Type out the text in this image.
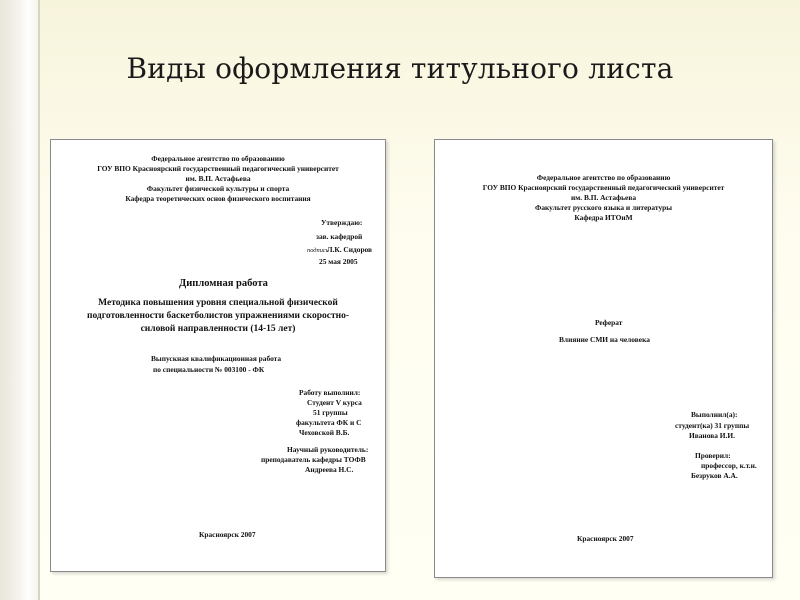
Виды оформления титульного листа
Федеральное агентство по образованию
ГОУ ВПО Красноярский государственный педагогический университет
им. В.П. Астафьева
Факультет физической культуры и спорта
Кафедра теоретических основ физического воспитания
Утверждаю:
зав. кафедрой
подпись
Л.К. Сидоров
25 мая 2005
Дипломная работа
Методика повышения уровня специальной физической
подготовленности баскетболистов упражнениями скоростно-
силовой направленности (14-15 лет)
Выпускная квалификационная работа
по специальности № 003100 - ФК
Работу выполнил:
Студент V курса
51 группы
факультета ФК и С
Чеховской В.Б.
Научный руководитель:
преподаватель кафедры ТОФВ
Андреева Н.С.
Красноярск 2007
Федеральное агентство по образованию
ГОУ ВПО Красноярский государственный педагогический университет
им. В.П. Астафьева
Факультет русского языка и литературы
Кафедра ИТОиМ
Реферат
Влияние СМИ на человека
Выполнил(а):
студент(ка) 31 группы
Иванова И.И.
Проверил:
профессор, к.т.н.
Безруков А.А.
Красноярск 2007
